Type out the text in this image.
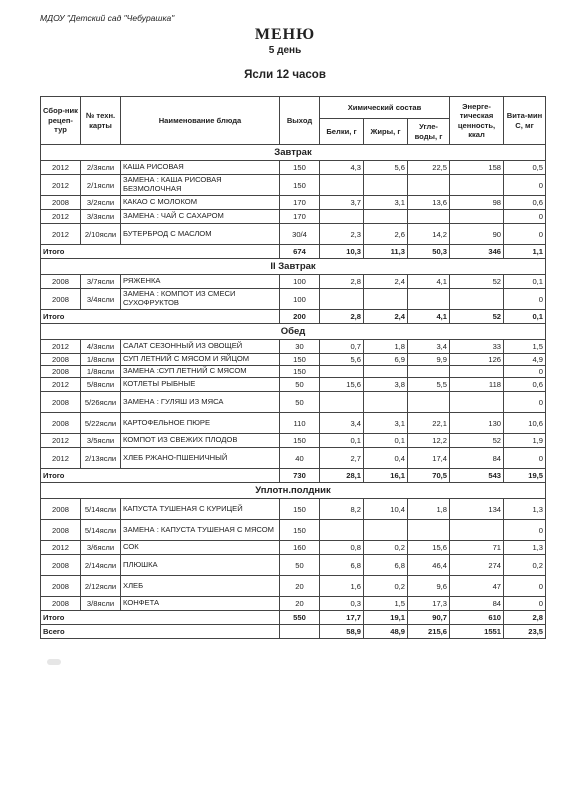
МДОУ "Детский сад "Чебурашка"
МЕНЮ
5 день
Ясли 12 часов
Сбор-ник рецеп-тур	№ техн. карты	Наименование блюда	Выход	Химический состав			Энерге-тическая ценность, ккал	Вита-мин С, мг
				Белки, г	Жиры, г	Угле-воды, г		
Завтрак								
2012	2/3ясли	КАША РИСОВАЯ	150	4,3	5,6	22,5	158	0,5
2012	2/1ясли	ЗАМЕНА : КАША РИСОВАЯ БЕЗМОЛОЧНАЯ	150					0
2008	3/2ясли	КАКАО С МОЛОКОМ	170	3,7	3,1	13,6	98	0,6
2012	3/3ясли	ЗАМЕНА : ЧАЙ С САХАРОМ	170					0
2012	2/10ясли	БУТЕРБРОД С МАСЛОМ	30/4	2,3	2,6	14,2	90	0
Итого			674	10,3	11,3	50,3	346	1,1
II Завтрак								
2008	3/7ясли	РЯЖЕНКА	100	2,8	2,4	4,1	52	0,1
2008	3/4ясли	ЗАМЕНА : КОМПОТ ИЗ СМЕСИ СУХОФРУКТОВ	100					0
Итого			200	2,8	2,4	4,1	52	0,1
Обед								
2012	4/3ясли	САЛАТ СЕЗОННЫЙ ИЗ ОВОЩЕЙ	30	0,7	1,8	3,4	33	1,5
2008	1/8ясли	СУП ЛЕТНИЙ С МЯСОМ И ЯЙЦОМ	150	5,6	6,9	9,9	126	4,9
2008	1/8ясли	ЗАМЕНА :СУП ЛЕТНИЙ С МЯСОМ	150					0
2012	5/8ясли	КОТЛЕТЫ РЫБНЫЕ	50	15,6	3,8	5,5	118	0,6
2008	5/26ясли	ЗАМЕНА : ГУЛЯШ ИЗ МЯСА	50					0
2008	5/22ясли	КАРТОФЕЛЬНОЕ ПЮРЕ	110	3,4	3,1	22,1	130	10,6
2012	3/5ясли	КОМПОТ ИЗ СВЕЖИХ ПЛОДОВ	150	0,1	0,1	12,2	52	1,9
2012	2/13ясли	ХЛЕБ РЖАНО-ПШЕНИЧНЫЙ	40	2,7	0,4	17,4	84	0
Итого			730	28,1	16,1	70,5	543	19,5
Уплотн.полдник								
2008	5/14ясли	КАПУСТА ТУШЕНАЯ С КУРИЦЕЙ	150	8,2	10,4	1,8	134	1,3
2008	5/14ясли	ЗАМЕНА : КАПУСТА ТУШЕНАЯ С МЯСОМ	150					0
2012	3/6ясли	СОК	160	0,8	0,2	15,6	71	1,3
2008	2/14ясли	ПЛЮШКА	50	6,8	6,8	46,4	274	0,2
2008	2/12ясли	ХЛЕБ	20	1,6	0,2	9,6	47	0
2008	3/8ясли	КОНФЕТА	20	0,3	1,5	17,3	84	0
Итого			550	17,7	19,1	90,7	610	2,8
Всего				58,9	48,9	215,6	1551	23,5
